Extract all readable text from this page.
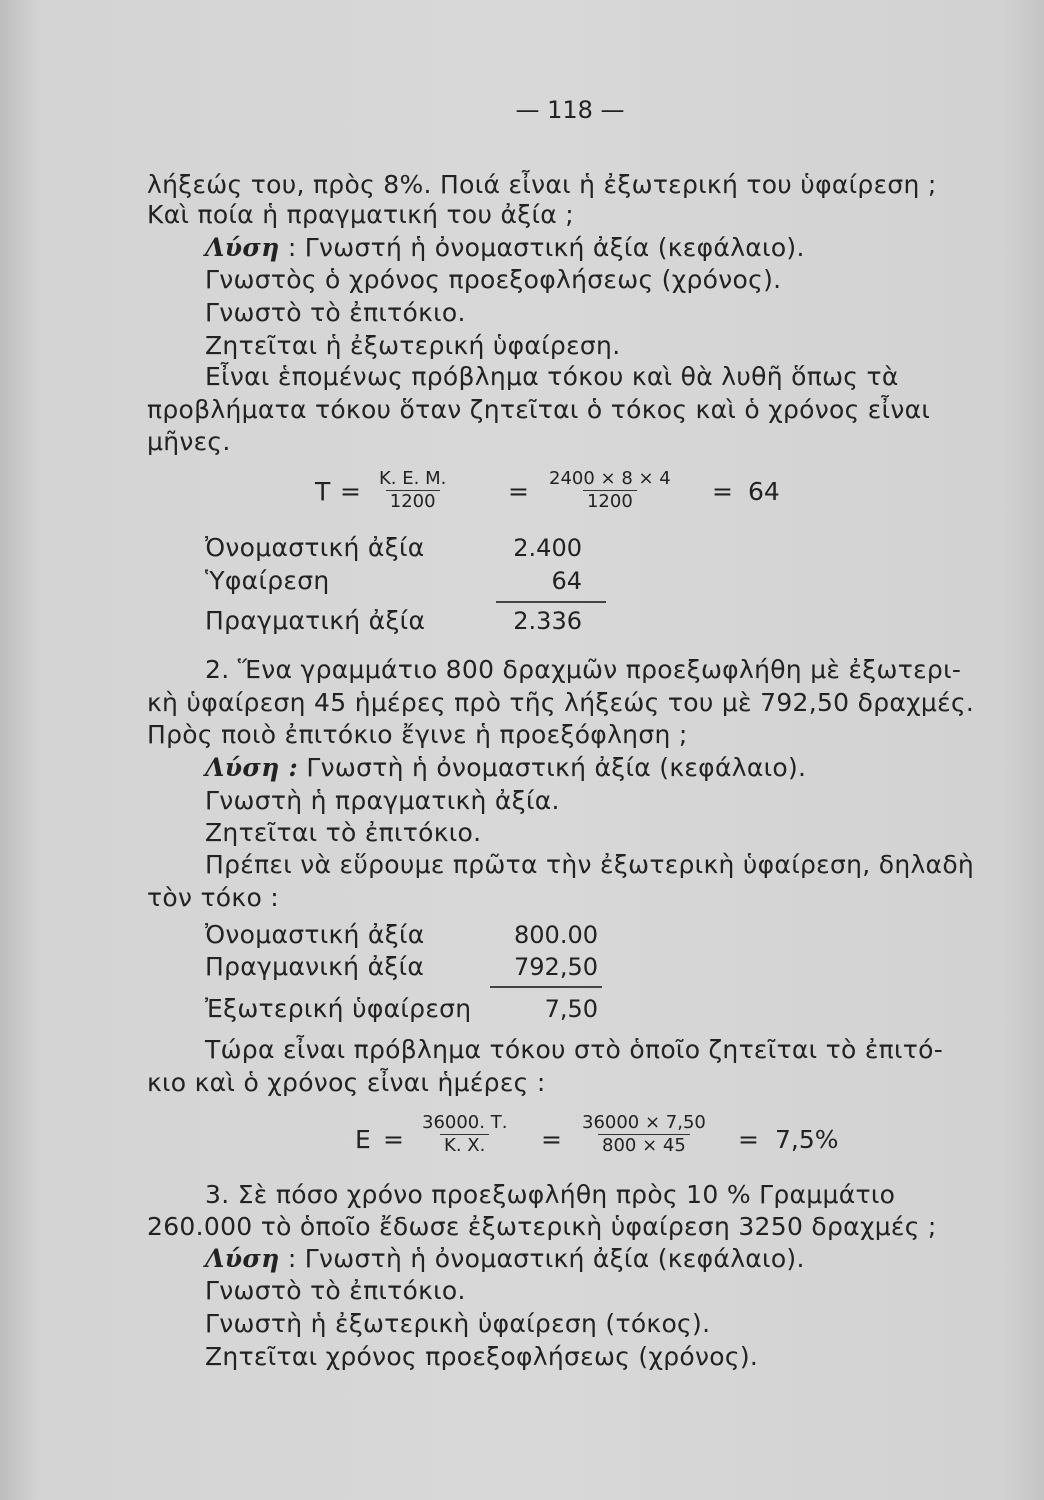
— 118 —
λήξεώς του, πρὸς 8%. Ποιά εἶναι ἡ ἐξωτερική του ὑφαίρεση ;
Καὶ ποία ἡ πραγματική του ἀξία ;
Λύση : Γνωστή ἡ ὀνομαστική ἀξία (κεφάλαιο).
Γνωστὸς ὁ χρόνος προεξοφλήσεως (χρόνος).
Γνωστὸ τὸ ἐπιτόκιο.
Ζητεῖται ἡ ἐξωτερική ὑφαίρεση.
Εἶναι ἑπομένως πρόβλημα τόκου καὶ θὰ λυθῆ ὅπως τὰ
προβλήματα τόκου ὅταν ζητεῖται ὁ τόκος καὶ ὁ χρόνος εἶναι
μῆνες.
$T = \frac{K. E. M.}{1200} = \frac{2400 \times 8 \times 4}{1200} = 64$
Ὀνομαστική ἀξία	2.400
Ὑφαίρεση	64
Πραγματική ἀξία	2.336
2. Ἕνα γραμμάτιο 800 δραχμῶν προεξωφλήθη μὲ ἐξωτερι-
κὴ ὑφαίρεση 45 ἡμέρες πρὸ τῆς λήξεώς του μὲ 792,50 δραχμές.
Πρὸς ποιὸ ἐπιτόκιο ἔγινε ἡ προεξόφληση ;
Λύση : Γνωστὴ ἡ ὀνομαστική ἀξία (κεφάλαιο).
Γνωστὴ ἡ πραγματικὴ ἀξία.
Ζητεῖται τὸ ἐπιτόκιο.
Πρέπει νὰ εὕρουμε πρῶτα τὴν ἐξωτερικὴ ὑφαίρεση, δηλαδὴ
τὸν τόκο :
Ὀνομαστική ἀξία	800.00
Πραγμανική ἀξία	792,50
Ἐξωτερική ὑφαίρεση	7,50
Τώρα εἶναι πρόβλημα τόκου στὸ ὁποῖο ζητεῖται τὸ ἐπιτό-
κιο καὶ ὁ χρόνος εἶναι ἡμέρες :
$E = \frac{36000. T.}{K. X.} = \frac{36000 \times 7,50}{800 \times 45} = 7,5\%$
3. Σὲ πόσο χρόνο προεξωφλήθη πρὸς 10 % Γραμμάτιο
260.000 τὸ ὁποῖο ἔδωσε ἐξωτερικὴ ὑφαίρεση 3250 δραχμές ;
Λύση : Γνωστὴ ἡ ὀνομαστική ἀξία (κεφάλαιο).
Γνωστὸ τὸ ἐπιτόκιο.
Γνωστὴ ἡ ἐξωτερικὴ ὑφαίρεση (τόκος).
Ζητεῖται χρόνος προεξοφλήσεως (χρόνος).
